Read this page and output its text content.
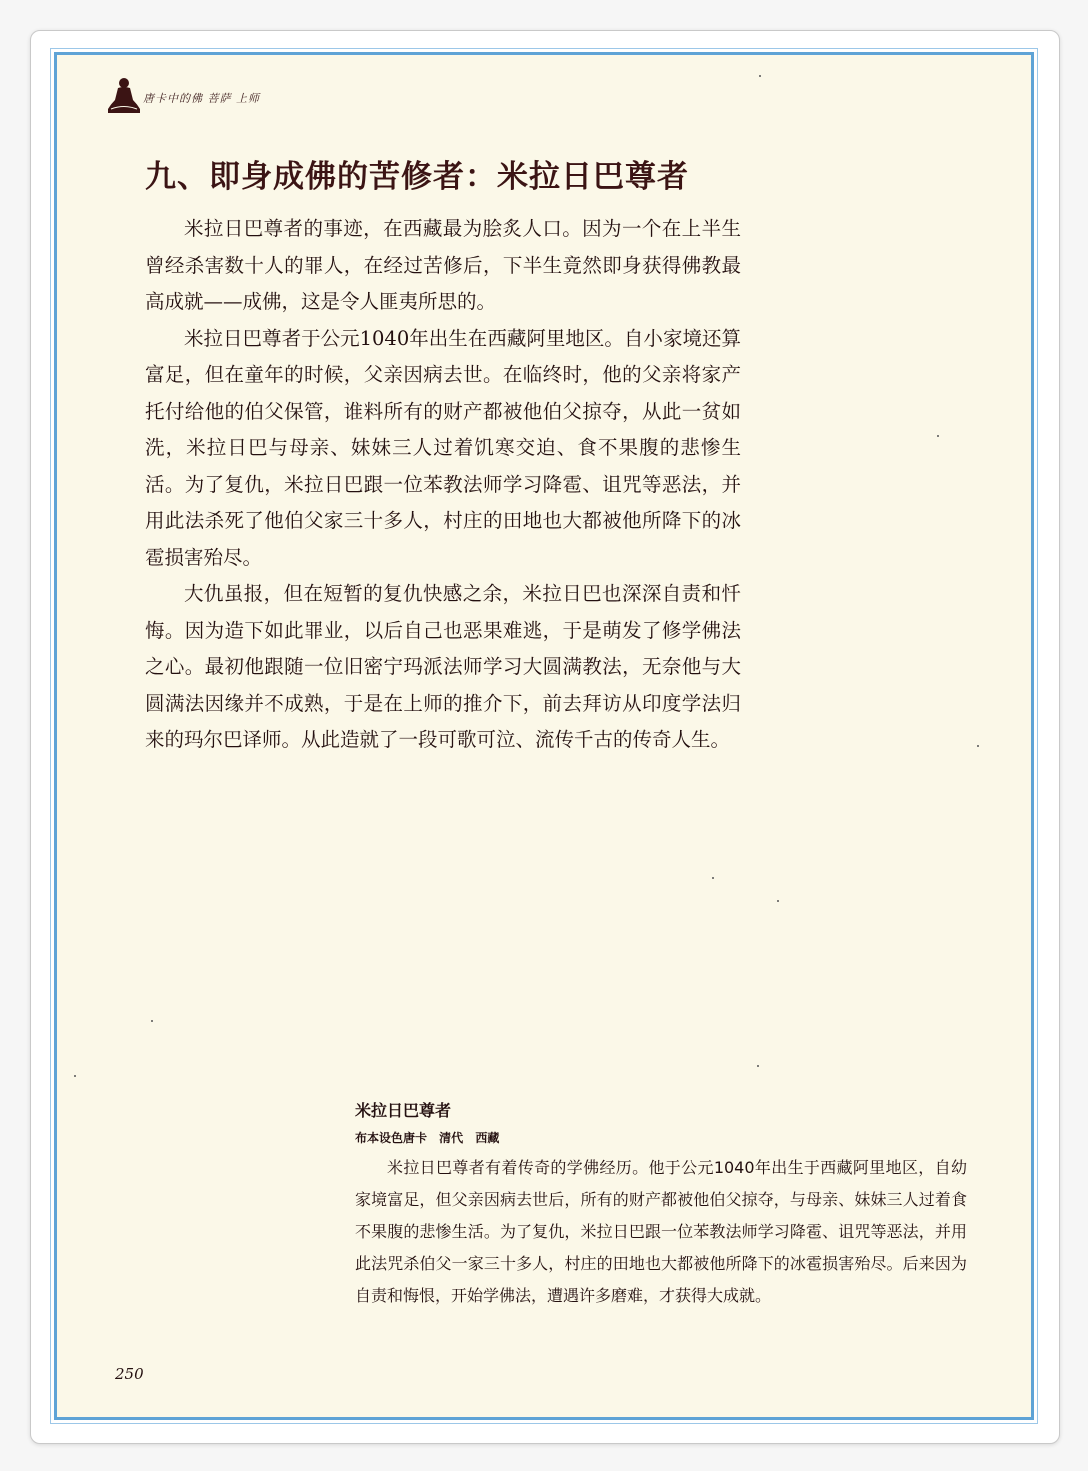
唐卡中的佛 菩萨 上师
九、即身成佛的苦修者：米拉日巴尊者

米拉日巴尊者的事迹，在西藏最为脍炙人口。因为一个在上半生曾经杀害数十人的罪人，在经过苦修后，下半生竟然即身获得佛教最高成就——成佛，这是令人匪夷所思的。

米拉日巴尊者于公元1040年出生在西藏阿里地区。自小家境还算富足，但在童年的时候，父亲因病去世。在临终时，他的父亲将家产托付给他的伯父保管，谁料所有的财产都被他伯父掠夺，从此一贫如洗，米拉日巴与母亲、妹妹三人过着饥寒交迫、食不果腹的悲惨生活。为了复仇，米拉日巴跟一位苯教法师学习降雹、诅咒等恶法，并用此法杀死了他伯父家三十多人，村庄的田地也大都被他所降下的冰雹损害殆尽。

大仇虽报，但在短暂的复仇快感之余，米拉日巴也深深自责和忏悔。因为造下如此罪业，以后自己也恶果难逃，于是萌发了修学佛法之心。最初他跟随一位旧密宁玛派法师学习大圆满教法，无奈他与大圆满法因缘并不成熟，于是在上师的推介下，前去拜访从印度学法归来的玛尔巴译师。从此造就了一段可歌可泣、流传千古的传奇人生。

米拉日巴尊者

布本设色唐卡 清代 西藏

米拉日巴尊者有着传奇的学佛经历。他于公元1040年出生于西藏阿里地区，自幼家境富足，但父亲因病去世后，所有的财产都被他伯父掠夺，与母亲、妹妹三人过着食不果腹的悲惨生活。为了复仇，米拉日巴跟一位苯教法师学习降雹、诅咒等恶法，并用此法咒杀伯父一家三十多人，村庄的田地也大都被他所降下的冰雹损害殆尽。后来因为自责和悔恨，开始学佛法，遭遇许多磨难，才获得大成就。

250
